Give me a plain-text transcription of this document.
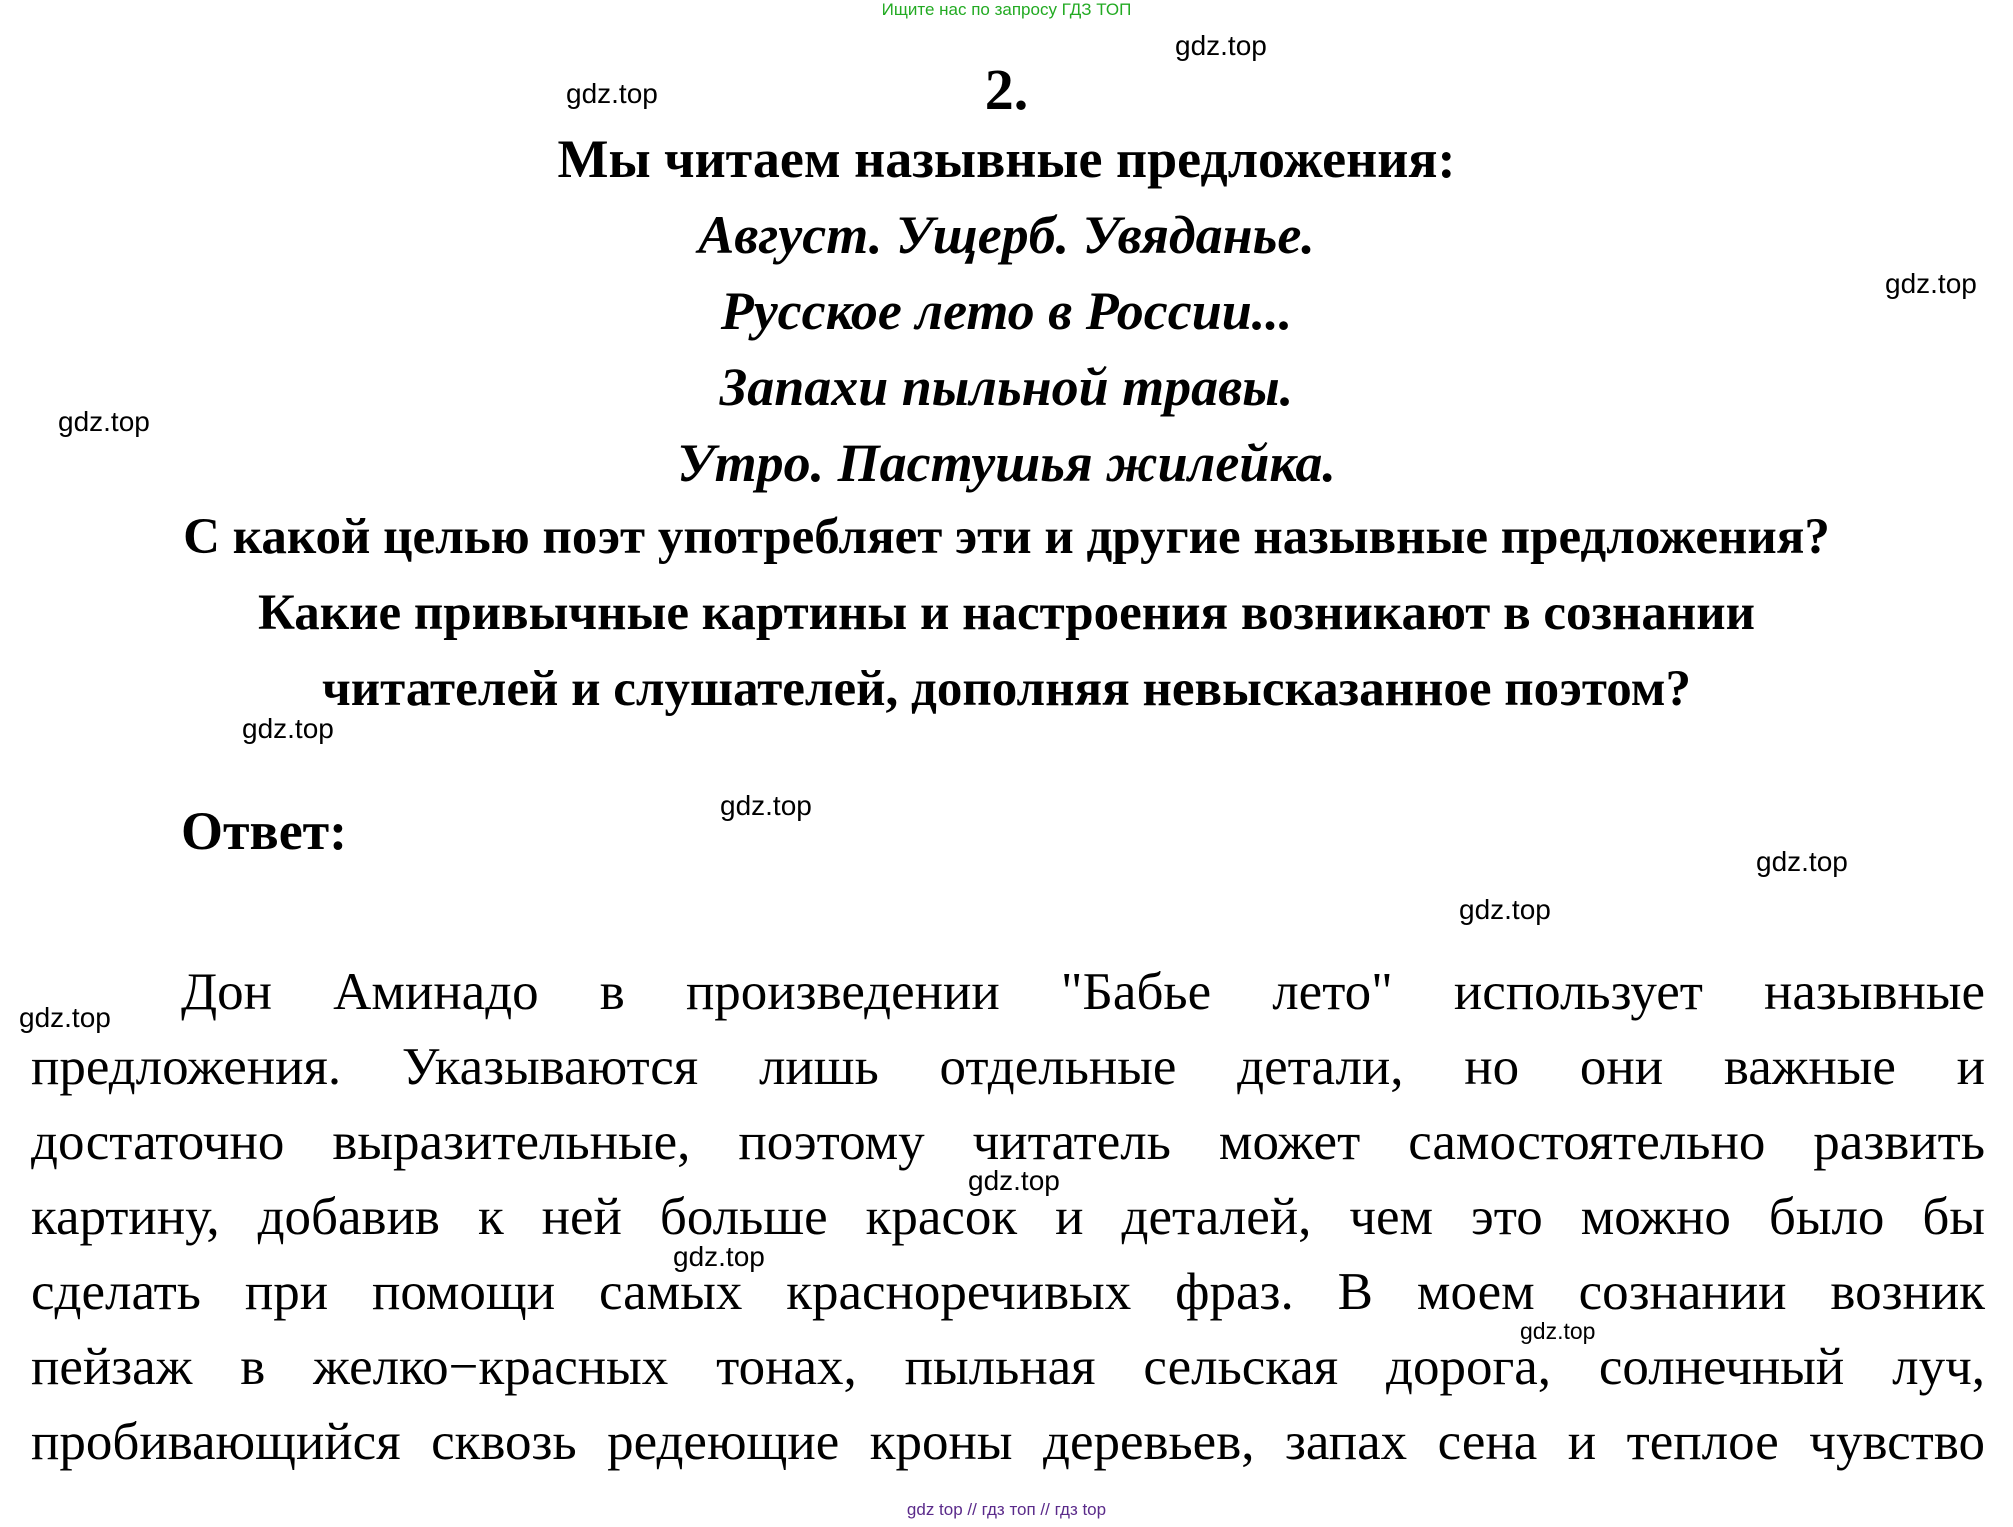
Ищите нас по запросу ГДЗ ТОП
gdz.top
gdz.top
gdz.top
gdz.top
gdz.top
gdz.top
gdz.top
gdz.top
gdz.top
2.
Мы читаем назывные предложения:
Август. Ущерб. Увяданье.
Русское лето в России...
Запахи пыльной травы.
Утро. Пастушья жилейка.
С какой целью поэт употребляет эти и другие назывные предложения?
Какие привычные картины и настроения возникают в сознании
читателей и слушателей, дополняя невысказанное поэтом?
Ответ:
Дон Аминадо в произведении "Бабье лето" использует назывные
предложения. Указываются лишь отдельные детали, но они важные и
достаточно выразительные, поэтому читатель может самостоятельно развить
картину, добавив к ней больше красок и деталей, чем это можно было бы
сделать при помощи самых красноречивых фраз. В моем сознании возник
пейзаж в желко−красных тонах, пыльная сельская дорога, солнечный луч,
пробивающийся сквозь редеющие кроны деревьев, запах сена и теплое чувство
gdz.top
gdz.top
gdz.top
gdz top // гдз топ // гдз top
